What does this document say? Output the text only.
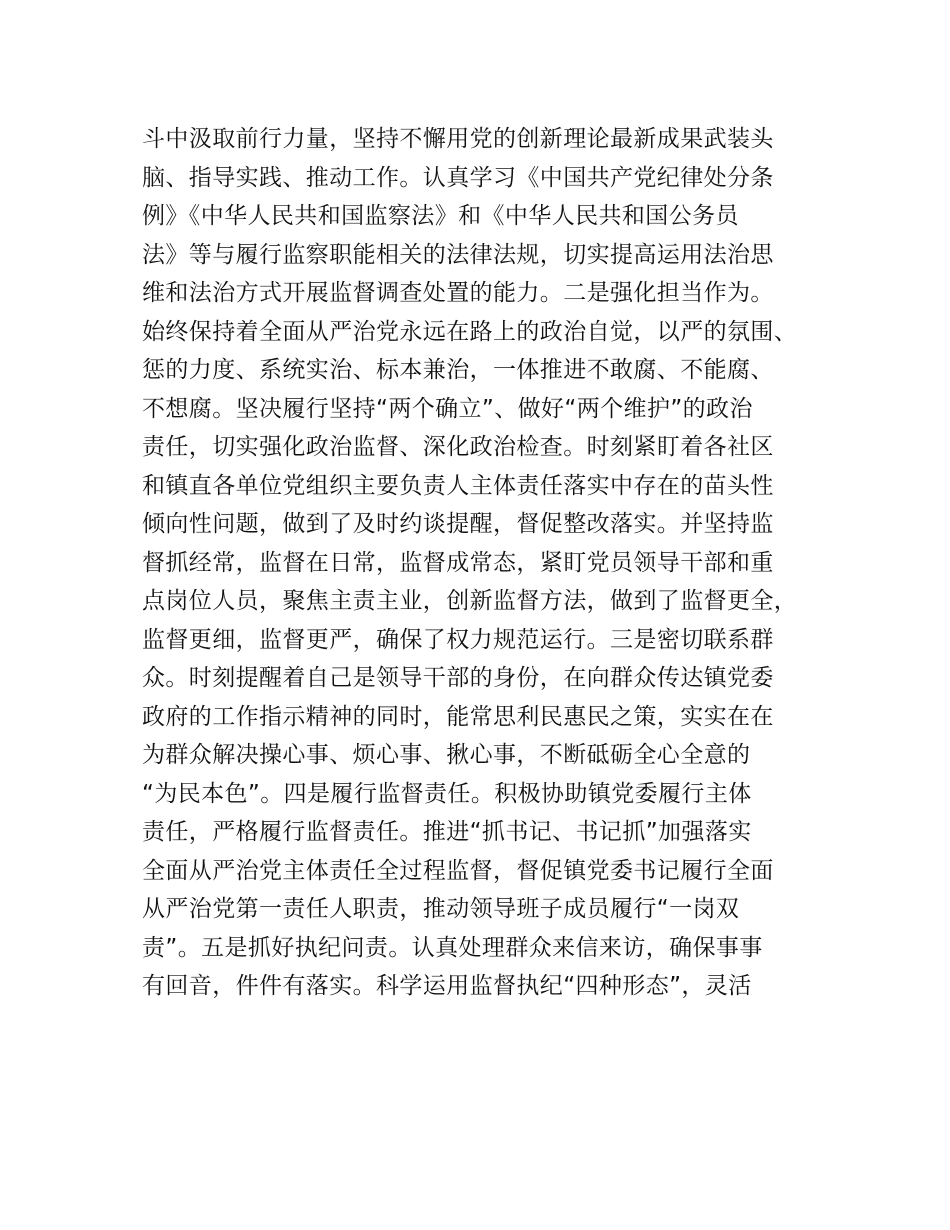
斗中汲取前行力量，坚持不懈用党的创新理论最新成果武装头
脑、指导实践、推动工作。认真学习《中国共产党纪律处分条
例》《中华人民共和国监察法》和《中华人民共和国公务员
法》等与履行监察职能相关的法律法规，切实提高运用法治思
维和法治方式开展监督调查处置的能力。二是强化担当作为。
始终保持着全面从严治党永远在路上的政治自觉，以严的氛围、
惩的力度、系统实治、标本兼治，一体推进不敢腐、不能腐、
不想腐。坚决履行坚持“两个确立”、做好“两个维护”的政治
责任，切实强化政治监督、深化政治检查。时刻紧盯着各社区
和镇直各单位党组织主要负责人主体责任落实中存在的苗头性
倾向性问题，做到了及时约谈提醒，督促整改落实。并坚持监
督抓经常，监督在日常，监督成常态，紧盯党员领导干部和重
点岗位人员，聚焦主责主业，创新监督方法，做到了监督更全，
监督更细，监督更严，确保了权力规范运行。三是密切联系群
众。时刻提醒着自己是领导干部的身份，在向群众传达镇党委
政府的工作指示精神的同时，能常思利民惠民之策，实实在在
为群众解决操心事、烦心事、揪心事，不断砥砺全心全意的
“为民本色”。四是履行监督责任。积极协助镇党委履行主体
责任，严格履行监督责任。推进“抓书记、书记抓”加强落实
全面从严治党主体责任全过程监督，督促镇党委书记履行全面
从严治党第一责任人职责，推动领导班子成员履行“一岗双
责”。五是抓好执纪问责。认真处理群众来信来访，确保事事
有回音，件件有落实。科学运用监督执纪“四种形态”，灵活
